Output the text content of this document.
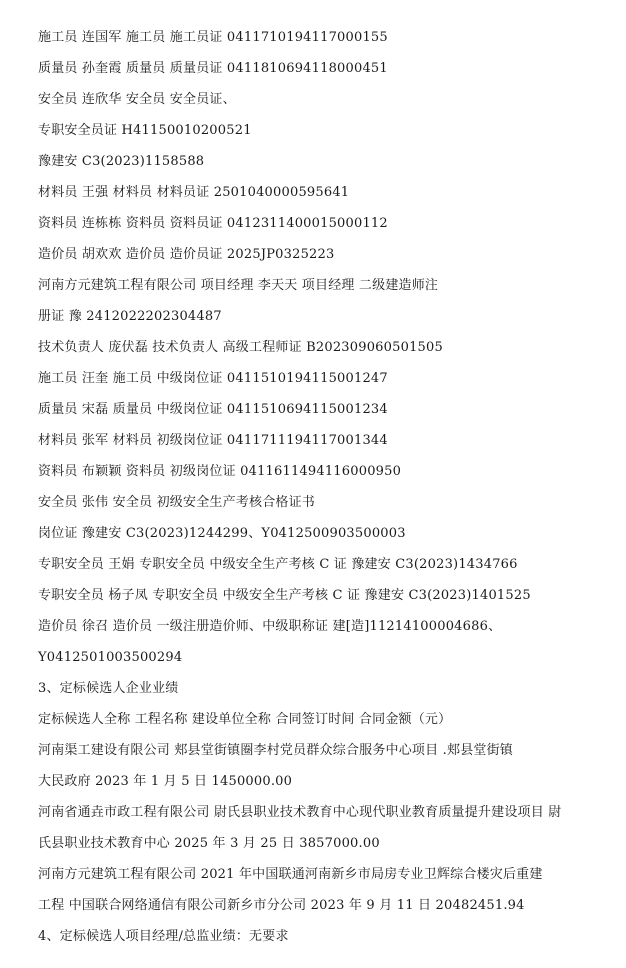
施工员 连国军 施工员 施工员证 0411710194117000155
质量员 孙奎霞 质量员 质量员证 0411810694118000451
安全员 连欣华 安全员 安全员证、
专职安全员证 H41150010200521
豫建安 C3(2023)1158588
材料员 王强 材料员 材料员证 2501040000595641
资料员 连栋栋 资料员 资料员证 0412311400015000112
造价员 胡欢欢 造价员 造价员证 2025JP0325223
河南方元建筑工程有限公司 项目经理 李天天 项目经理 二级建造师注
册证 豫 2412022202304487
技术负责人 庞伏磊 技术负责人 高级工程师证 B202309060501505
施工员 汪奎 施工员 中级岗位证 0411510194115001247
质量员 宋磊 质量员 中级岗位证 0411510694115001234
材料员 张军 材料员 初级岗位证 0411711194117001344
资料员 布颖颖 资料员 初级岗位证 0411611494116000950
安全员 张伟 安全员 初级安全生产考核合格证书
岗位证 豫建安 C3(2023)1244299、Y0412500903500003
专职安全员 王娟 专职安全员 中级安全生产考核 C 证 豫建安 C3(2023)1434766
专职安全员 杨子凤 专职安全员 中级安全生产考核 C 证 豫建安 C3(2023)1401525
造价员 徐召 造价员 一级注册造价师、中级职称证 建[造]11214100004686、
Y0412501003500294
3、定标候选人企业业绩
定标候选人全称 工程名称 建设单位全称 合同签订时间 合同金额（元）
河南渠工建设有限公司 郏县堂街镇圈李村党员群众综合服务中心项目 .郏县堂街镇
大民政府 2023 年 1 月 5 日 1450000.00
河南省通垚市政工程有限公司 尉氏县职业技术教育中心现代职业教育质量提升建设项目 尉
氏县职业技术教育中心 2025 年 3 月 25 日 3857000.00
河南方元建筑工程有限公司 2021 年中国联通河南新乡市局房专业卫辉综合楼灾后重建
工程 中国联合网络通信有限公司新乡市分公司 2023 年 9 月 11 日 20482451.94
4、定标候选人项目经理/总监业绩：无要求
